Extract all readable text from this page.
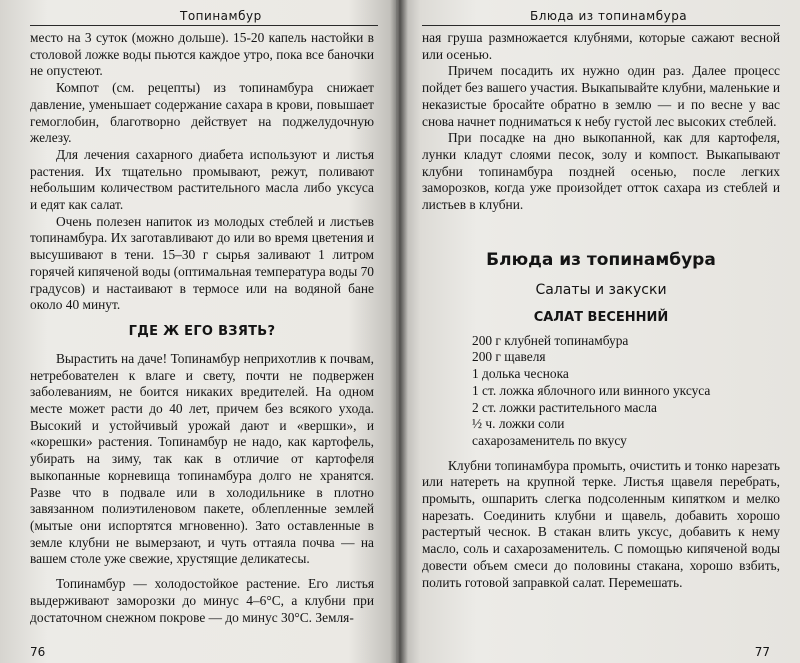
Топинамбур

место на 3 суток (можно дольше). 15-20 капель настойки в столовой ложке воды пьются каждое утро, пока все баночки не опустеют.

Компот (см. рецепты) из топинамбура снижает давление, уменьшает содержание сахара в крови, повышает гемоглобин, благотворно действует на поджелудочную железу.

Для лечения сахарного диабета используют и листья растения. Их тщательно промывают, режут, поливают небольшим количеством растительного масла либо уксуса и едят как салат.

Очень полезен напиток из молодых стеблей и листьев топинамбура. Их заготавливают до или во время цветения и высушивают в тени. 15–30 г сырья заливают 1 литром горячей кипяченой воды (оптимальная температура воды 70 градусов) и настаивают в термосе или на водяной бане около 40 минут.

ГДЕ Ж ЕГО ВЗЯТЬ?

Вырастить на даче! Топинамбур неприхотлив к почвам, нетребователен к влаге и свету, почти не подвержен заболеваниям, не боится никаких вредителей. На одном месте может расти до 40 лет, причем без всякого ухода. Высокий и устойчивый урожай дают и «вершки», и «корешки» растения. Топинамбур не надо, как картофель, убирать на зиму, так как в отличие от картофеля выкопанные корневища топинамбура долго не хранятся. Разве что в подвале или в холодильнике в плотно завязанном полиэтиленовом пакете, облепленные землей (мытые они испортятся мгновенно). Зато оставленные в земле клубни не вымерзают, и чуть оттаяла почва — на вашем столе уже свежие, хрустящие деликатесы.

Топинамбур — холодостойкое растение. Его листья выдерживают заморозки до минус 4–6°С, а клубни при достаточном снежном покрове — до минус 30°С. Земля-

76
Блюда из топинамбура

ная груша размножается клубнями, которые сажают весной или осенью.

Причем посадить их нужно один раз. Далее процесс пойдет без вашего участия. Выкапывайте клубни, маленькие и неказистые бросайте обратно в землю — и по весне у вас снова начнет подниматься к небу густой лес высоких стеблей.

При посадке на дно выкопанной, как для картофеля, лунки кладут слоями песок, золу и компост. Выкапывают клубни топинамбура поздней осенью, после легких заморозков, когда уже произойдет отток сахара из стеблей и листьев в клубни.

Блюда из топинамбура
Салаты и закуски
САЛАТ ВЕСЕННИЙ
200 г клубней топинамбура
200 г щавеля
1 долька чеснока
1 ст. ложка яблочного или винного уксуса
2 ст. ложки растительного масла
½ ч. ложки соли
сахарозаменитель по вкусу

Клубни топинамбура промыть, очистить и тонко нарезать или натереть на крупной терке. Листья щавеля перебрать, промыть, ошпарить слегка подсоленным кипятком и мелко нарезать. Соединить клубни и щавель, добавить хорошо растертый чеснок. В стакан влить уксус, добавить к нему масло, соль и сахарозаменитель. С помощью кипяченой воды довести объем смеси до половины стакана, хорошо взбить, полить готовой заправкой салат. Перемешать.

77
